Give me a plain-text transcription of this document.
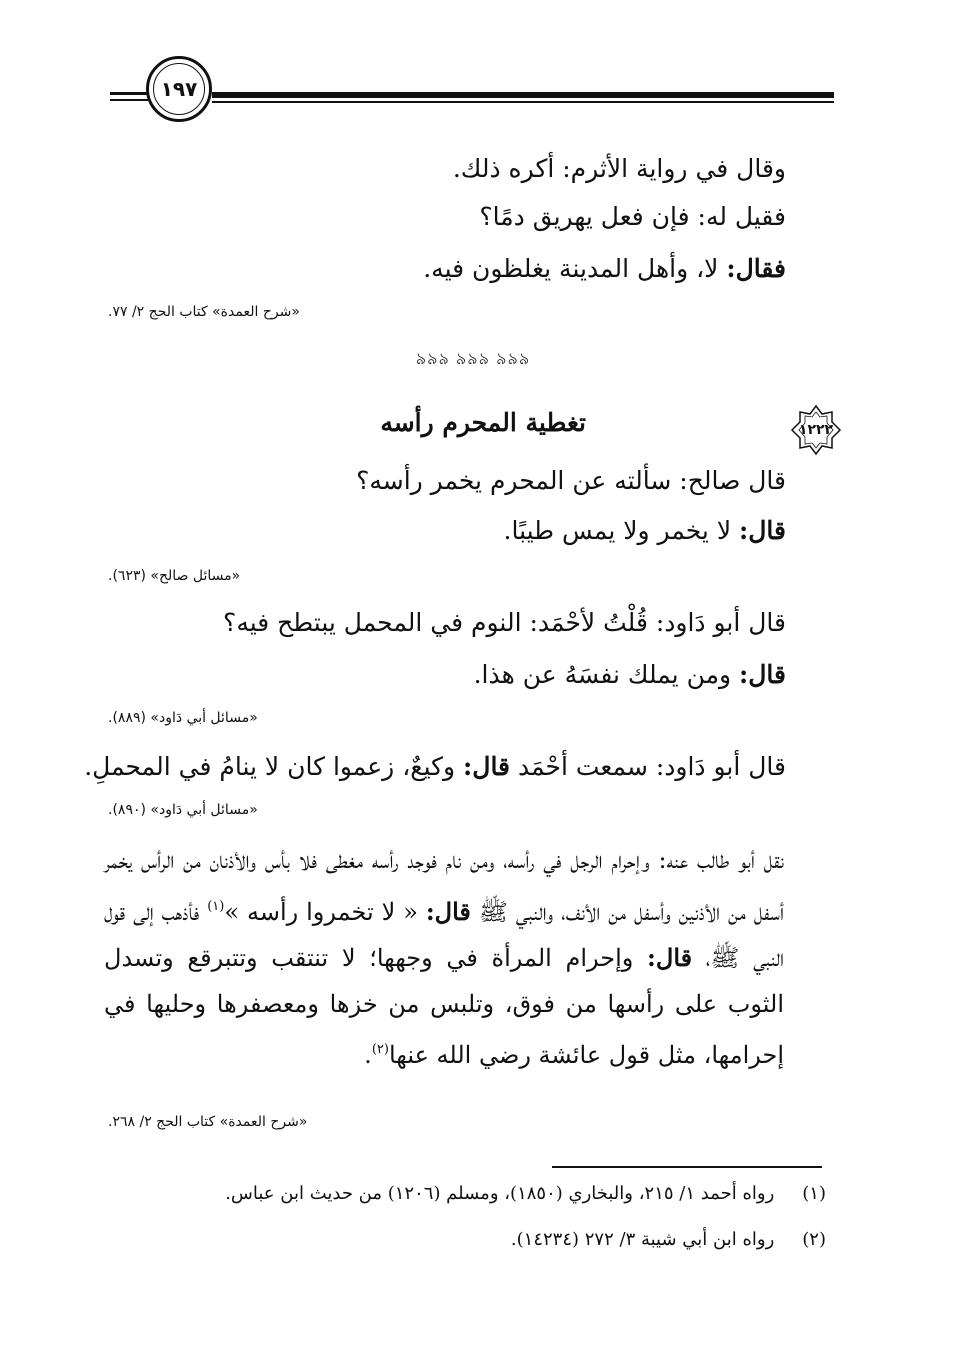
١٩٧
وقال في رواية الأثرم: أكره ذلك.
فقيل له: فإن فعل يهريق دمًا؟
فقال: لا، وأهل المدينة يغلظون فيه.
«شرح العمدة» كتاب الحج ٢/ ٧٧.
৯৯৯ ৯৯৯ ৯৯৯
١٢٢٢
تغطية المحرم رأسه
قال صالح: سألته عن المحرم يخمر رأسه؟
قال: لا يخمر ولا يمس طيبًا.
«مسائل صالح» (٦٢٣).
قال أبو دَاود: قُلْتُ لأحْمَد: النوم في المحمل يبتطح فيه؟
قال: ومن يملك نفسَهُ عن هذا.
«مسائل أبي دَاود» (٨٨٩).
قال أبو دَاود: سمعت أحْمَد قال: وكيعٌ، زعموا كان لا ينامُ في المحملِ.
«مسائل أبي دَاود» (٨٩٠).
نقل أبو طالب عنه: وإحرام الرجل في رأسه، ومن نام فوجد رأسه مغطى فلا بأس والأذنان من الرأس يخمر أسفل من الأذنين وأسفل من الأنف، والنبي ﷺ قال: « لا تخمروا رأسه »$^{(١)}$ فأذهب إلى قول النبي ﷺ، قال: وإحرام المرأة في وجهها؛ لا تنتقب وتتبرقع وتسدل الثوب على رأسها من فوق، وتلبس من خزها ومعصفرها وحليها في إحرامها، مثل قول عائشة رضي الله عنها$^{(٢)}$.
«شرح العمدة» كتاب الحج ٢/ ٢٦٨.
(١) رواه أحمد ١/ ٢١٥، والبخاري (١٨٥٠)، ومسلم (١٢٠٦) من حديث ابن عباس.
(٢) رواه ابن أبي شيبة ٣/ ٢٧٢ (١٤٢٣٤).
